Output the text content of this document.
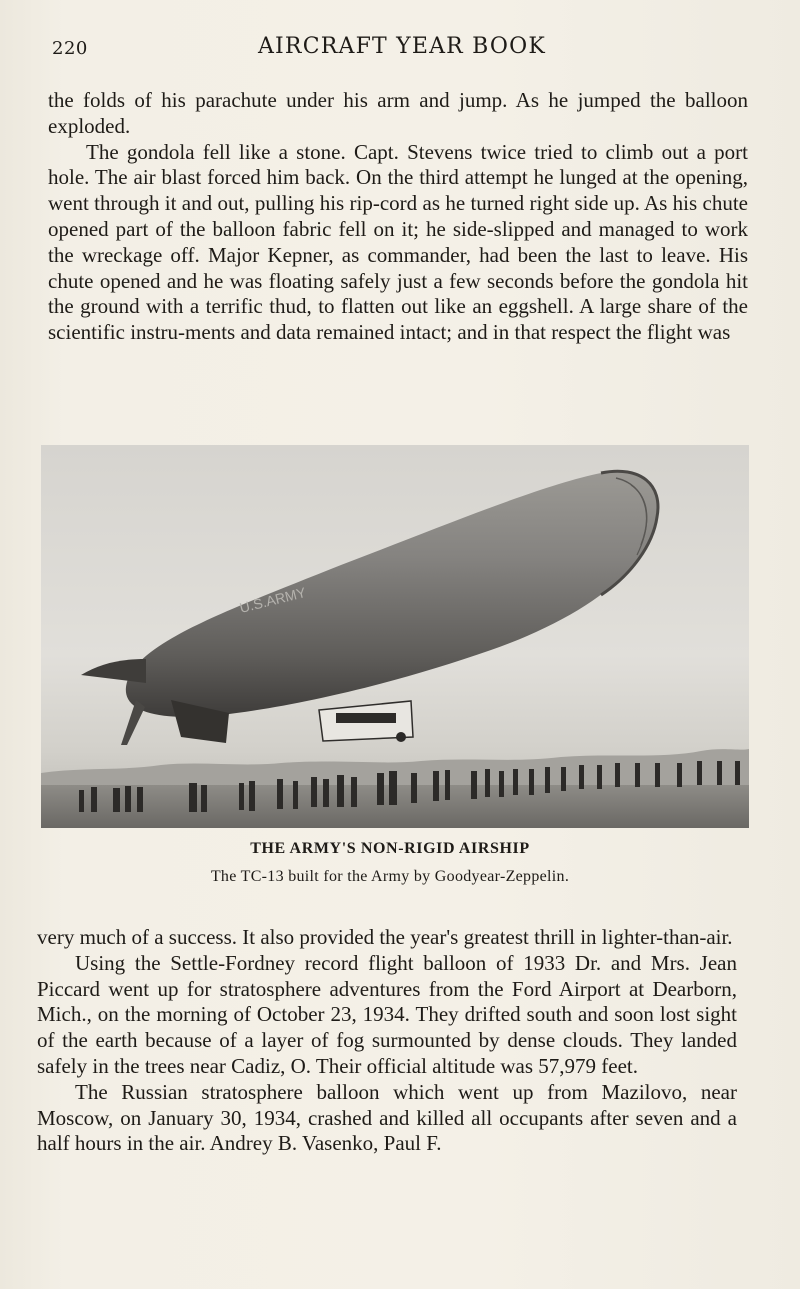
220	AIRCRAFT YEAR BOOK

the folds of his parachute under his arm and jump. As he jumped the balloon exploded.

The gondola fell like a stone. Capt. Stevens twice tried to climb out a port hole. The air blast forced him back. On the third attempt he lunged at the opening, went through it and out, pulling his rip-cord as he turned right side up. As his chute opened part of the balloon fabric fell on it; he side-slipped and managed to work the wreckage off. Major Kepner, as commander, had been the last to leave. His chute opened and he was floating safely just a few seconds before the gondola hit the ground with a terrific thud, to flatten out like an eggshell. A large share of the scientific instru-ments and data remained intact; and in that respect the flight was

U.S.ARMY
THE ARMY'S NON-RIGID AIRSHIP
The TC-13 built for the Army by Goodyear-Zeppelin.

very much of a success. It also provided the year's greatest thrill in lighter-than-air.

Using the Settle-Fordney record flight balloon of 1933 Dr. and Mrs. Jean Piccard went up for stratosphere adventures from the Ford Airport at Dearborn, Mich., on the morning of October 23, 1934. They drifted south and soon lost sight of the earth because of a layer of fog surmounted by dense clouds. They landed safely in the trees near Cadiz, O. Their official altitude was 57,979 feet.

The Russian stratosphere balloon which went up from Mazilovo, near Moscow, on January 30, 1934, crashed and killed all occupants after seven and a half hours in the air. Andrey B. Vasenko, Paul F.
